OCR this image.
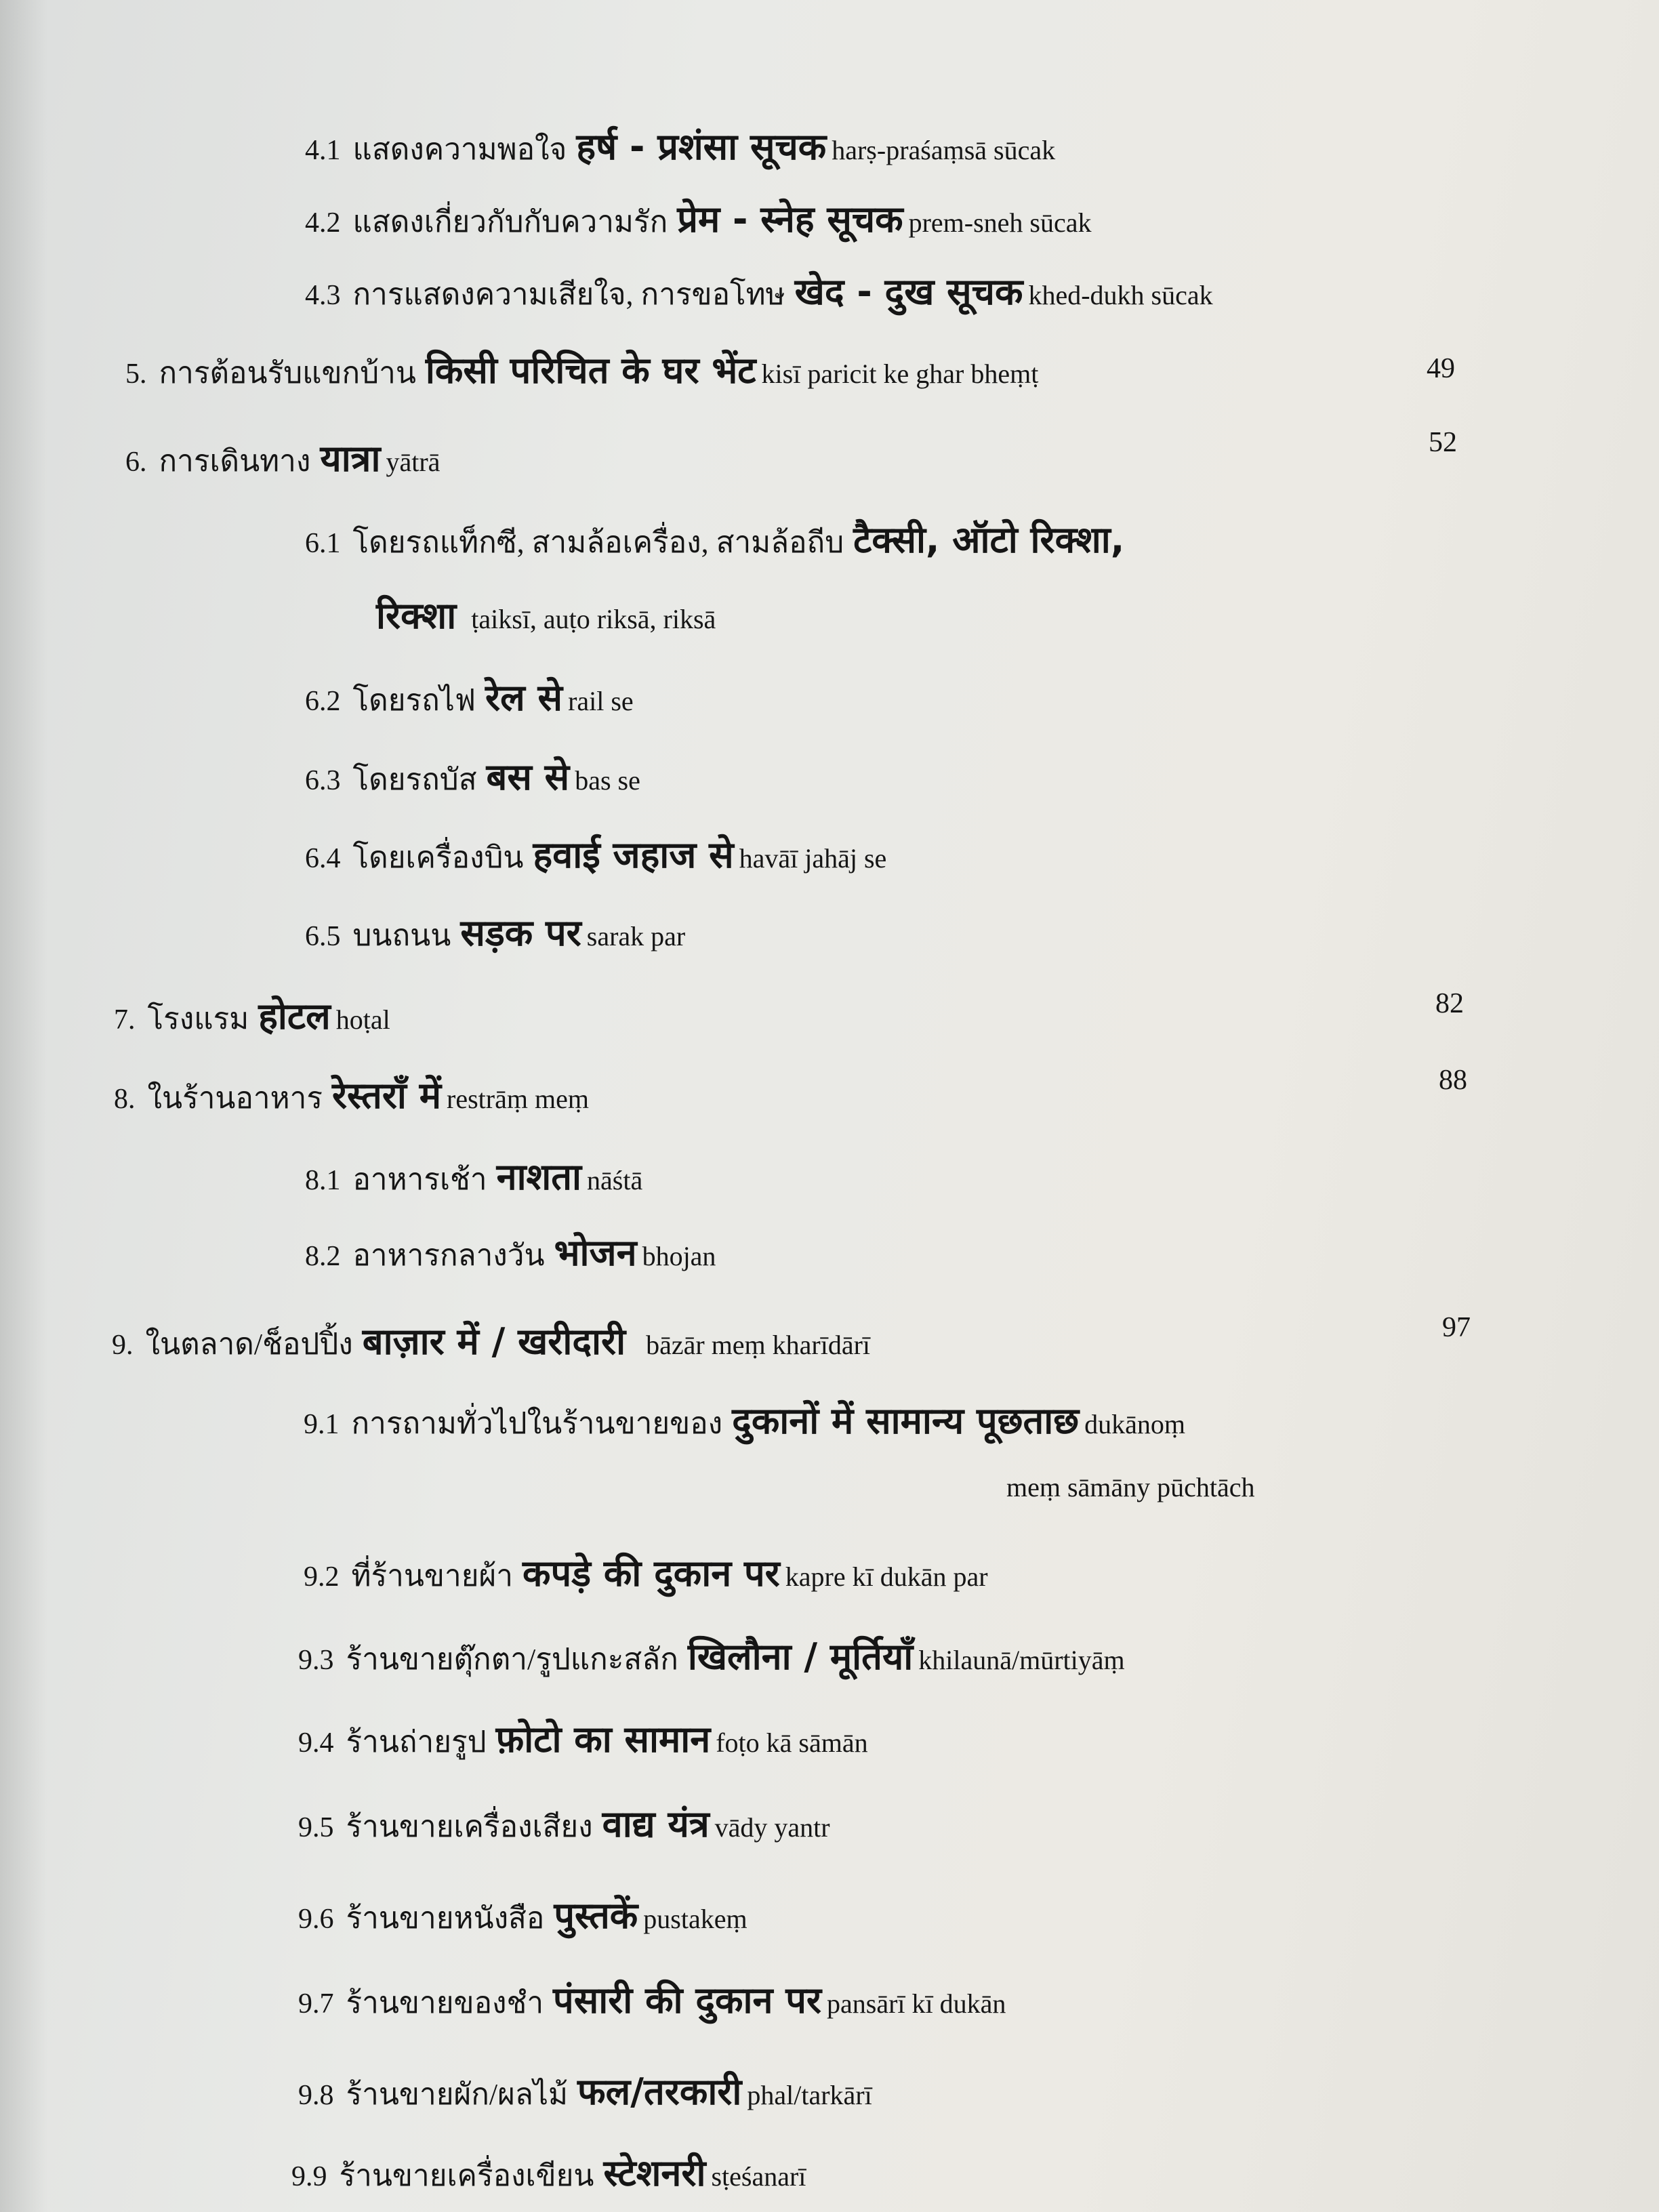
4.1 แสดงความพอใจ हर्ष - प्रशंसा सूचक harṣ-praśaṃsā sūcak
4.2 แสดงเกี่ยวกับกับความรัก प्रेम - स्नेह सूचक prem-sneh sūcak
4.3 การแสดงความเสียใจ, การขอโทษ खेद - दुख सूचक khed-dukh sūcak
5. การต้อนรับแขกบ้าน किसी परिचित के घर भेंट kisī paricit ke ghar bheṃṭ	49
6. การเดินทาง यात्रा yātrā
52
6.1 โดยรถแท็กซี, สามล้อเครื่อง, สามล้อถีบ टैक्सी, ऑटो रिक्शा,
रिक्शा ṭaiksī, auṭo riksā, riksā
6.2 โดยรถไฟ रेल से rail se
6.3 โดยรถบัส बस से bas se
6.4 โดยเครื่องบิน हवाई जहाज से havāī jahāj se
6.5 บนถนน सड़क पर sarak par
7. โรงแรม होटल hoṭal
82
8. ในร้านอาหาร रेस्तराँ में restrāṃ meṃ
88
8.1 อาหารเช้า नाशता nāśtā
8.2 อาหารกลางวัน भोजन bhojan
9. ในตลาด/ช็อปปิ้ง बाज़ार में / खरीदारी bāzār meṃ kharīdārī
97
9.1 การถามทั่วไปในร้านขายของ दुकानों में सामान्य पूछताछ dukānoṃ
meṃ sāmāny pūchtāch
9.2 ที่ร้านขายผ้า कपड़े की दुकान पर kapre kī dukān par
9.3 ร้านขายตุ๊กตา/รูปแกะสลัก खिलौना / मूर्तियाँ khilaunā/mūrtiyāṃ
9.4 ร้านถ่ายรูป फ़ोटो का सामान foṭo kā sāmān
9.5 ร้านขายเครื่องเสียง वाद्य यंत्र vādy yantr
9.6 ร้านขายหนังสือ पुस्तकें pustakeṃ
9.7 ร้านขายของชำ पंसारी की दुकान पर pansārī kī dukān
9.8 ร้านขายผัก/ผลไม้ फल/तरकारी phal/tarkārī
9.9 ร้านขายเครื่องเขียน स्टेशनरी sṭeśanarī
